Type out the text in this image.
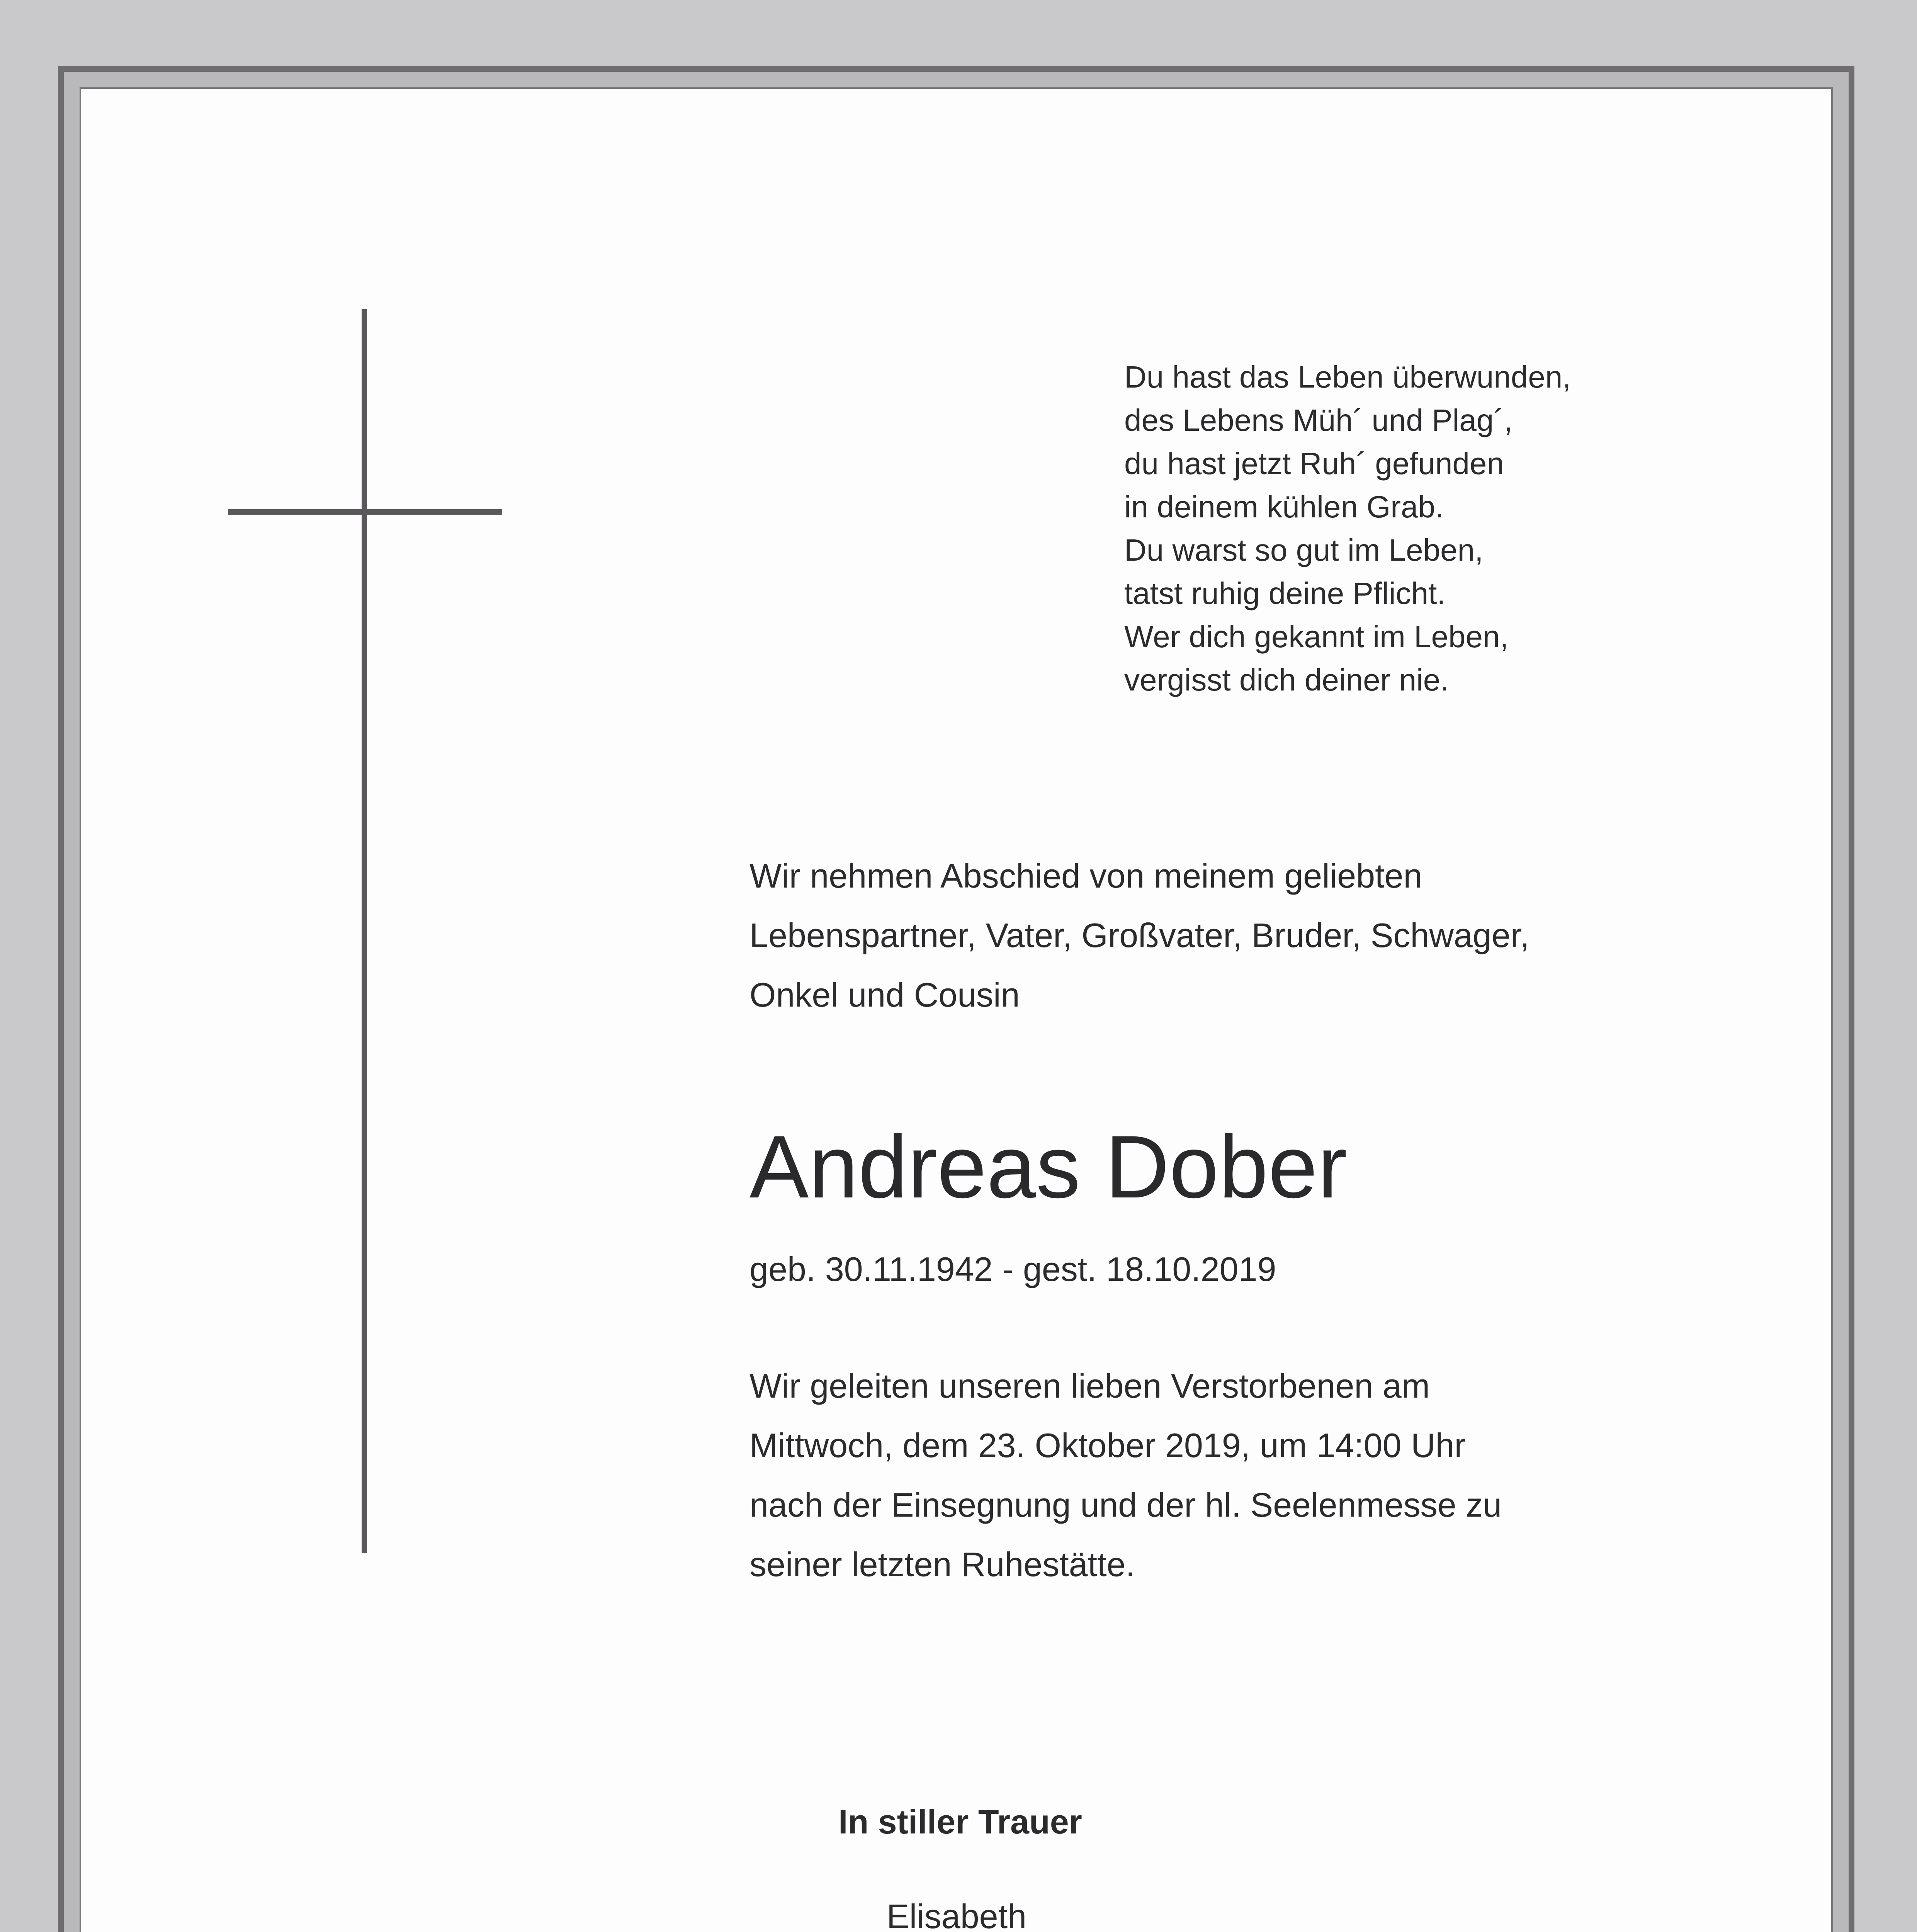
Du hast das Leben überwunden,
des Lebens Müh´ und Plag´,
du hast jetzt Ruh´ gefunden
in deinem kühlen Grab.
Du warst so gut im Leben,
tatst ruhig deine Pflicht.
Wer dich gekannt im Leben,
vergisst dich deiner nie.
Wir nehmen Abschied von meinem geliebten
Lebenspartner, Vater, Großvater, Bruder, Schwager,
Onkel und Cousin
Andreas Dober
geb. 30.11.1942 - gest. 18.10.2019
Wir geleiten unseren lieben Verstorbenen am
Mittwoch, dem 23. Oktober 2019, um 14:00 Uhr
nach der Einsegnung und der hl. Seelenmesse zu
seiner letzten Ruhestätte.
In stiller Trauer
Elisabeth
